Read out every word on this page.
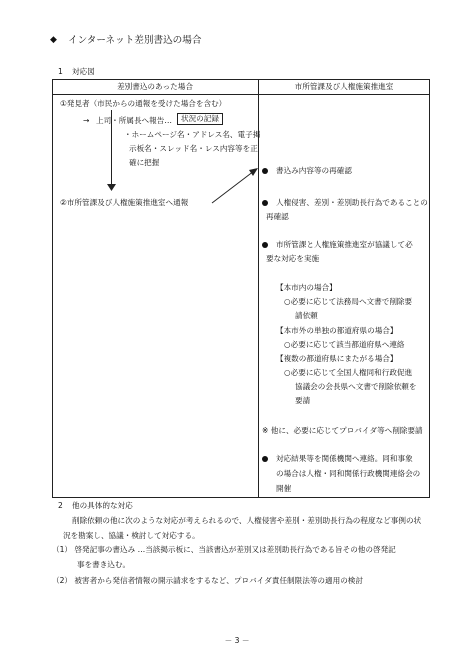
◆ インターネット差別書込の場合
1 対応図
差別書込のあった場合	市所管課及び人権施策推進室
①発見者（市民からの通報を受けた場合を含む）
→ 上司・所属長へ報告…	状況の記録
・ホームページ名・アドレス名、電子掲
示板名・スレッド名・レス内容等を正
確に把握
②市所管課及び人権施策推進室へ通報
書込み内容等の再確認
人権侵害、差別・差別助長行為であることの
再確認
市所管課と人権施策推進室が協議して必
要な対応を実施
【本市内の場合】
○必要に応じて法務局へ文書で削除要
請依頼
【本市外の単独の都道府県の場合】
○必要に応じて該当都道府県へ連絡
【複数の都道府県にまたがる場合】
○必要に応じて全国人権同和行政促進
協議会の会長県へ文書で削除依頼を
要請
※ 他に、必要に応じてプロバイダ等へ削除要請
対応結果等を関係機関へ連絡。同和事象
の場合は人権・同和関係行政機関連絡会の
開催
2 他の具体的な対応
削除依頼の他に次のような対応が考えられるので、人権侵害や差別・差別助長行為の程度など事例の状
況を勘案し、協議・検討して対応する。
（1） 啓発記事の書込み …当該掲示板に、当該書込が差別又は差別助長行為である旨その他の啓発記
事を書き込む。
（2） 被害者から発信者情報の開示請求をするなど、プロバイダ責任制限法等の適用の検討
－ 3 －
